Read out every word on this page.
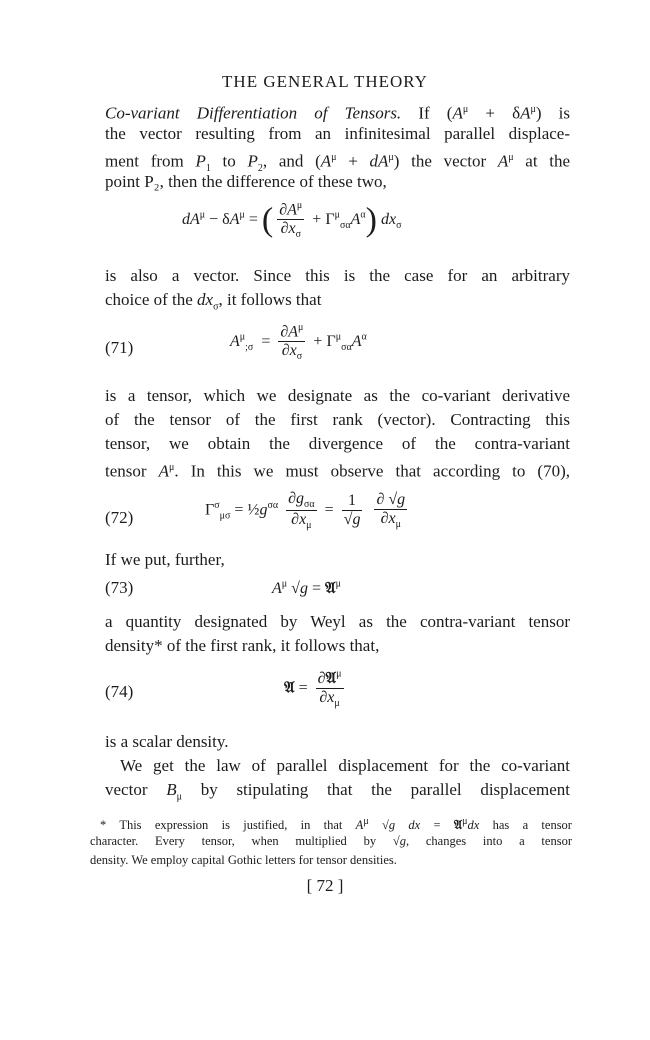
THE GENERAL THEORY
Co-variant Differentiation of Tensors. If $(A^\mu + \delta A^\mu)$ is
the vector resulting from an infinitesimal parallel displace-
ment from $P_1$ to $P_2$, and $(A^\mu + dA^\mu)$ the vector $A^\mu$ at the
point P₂, then the difference of these two,
$dA^\mu - \delta A^\mu$ = ( $\frac{\partial A^\mu}{\partial x_\sigma} + \Gamma^\mu_{\sigma\alpha}A^\alpha$) $dx_\sigma$
is also a vector. Since this is the case for an arbitrary
choice of the $dx_\sigma$, it follows that
(71)	$A^\mu_{;\sigma} = \frac{\partial A^\mu}{\partial x_\sigma} + \Gamma^\mu_{\sigma\alpha}A^\alpha$
is a tensor, which we designate as the co-variant derivative
of the tensor of the first rank (vector). Contracting this
tensor, we obtain the divergence of the contra-variant
tensor $A^\mu$. In this we must observe that according to (70),
(72)	$\Gamma^\sigma_{\mu\sigma}$ = $\frac{1}{2}g^{\sigma\alpha} \frac{\partial g_{\sigma\alpha}}{\partial x_\mu} = \frac{1}{√g}$
$\frac{\partial √g}{\partial x_\mu}$
If we put, further,
(73)	$A^\mu$ √g = 𝔄$^\mu$
a quantity designated by Weyl as the contra-variant tensor
density* of the first rank, it follows that,
(74)	𝔄 = $\frac{\partial 𝔄^\mu}{\partial x_\mu}$
is a scalar density.
We get the law of parallel displacement for the co-variant
vector $B_\mu$ by stipulating that the parallel displacement
* This expression is justified, in that $A^\mu$ √g dx = 𝔄$^\mu$dx has a tensor
character. Every tensor, when multiplied by √g, changes into a tensor
density. We employ capital Gothic letters for tensor densities.
[ 72 ]
